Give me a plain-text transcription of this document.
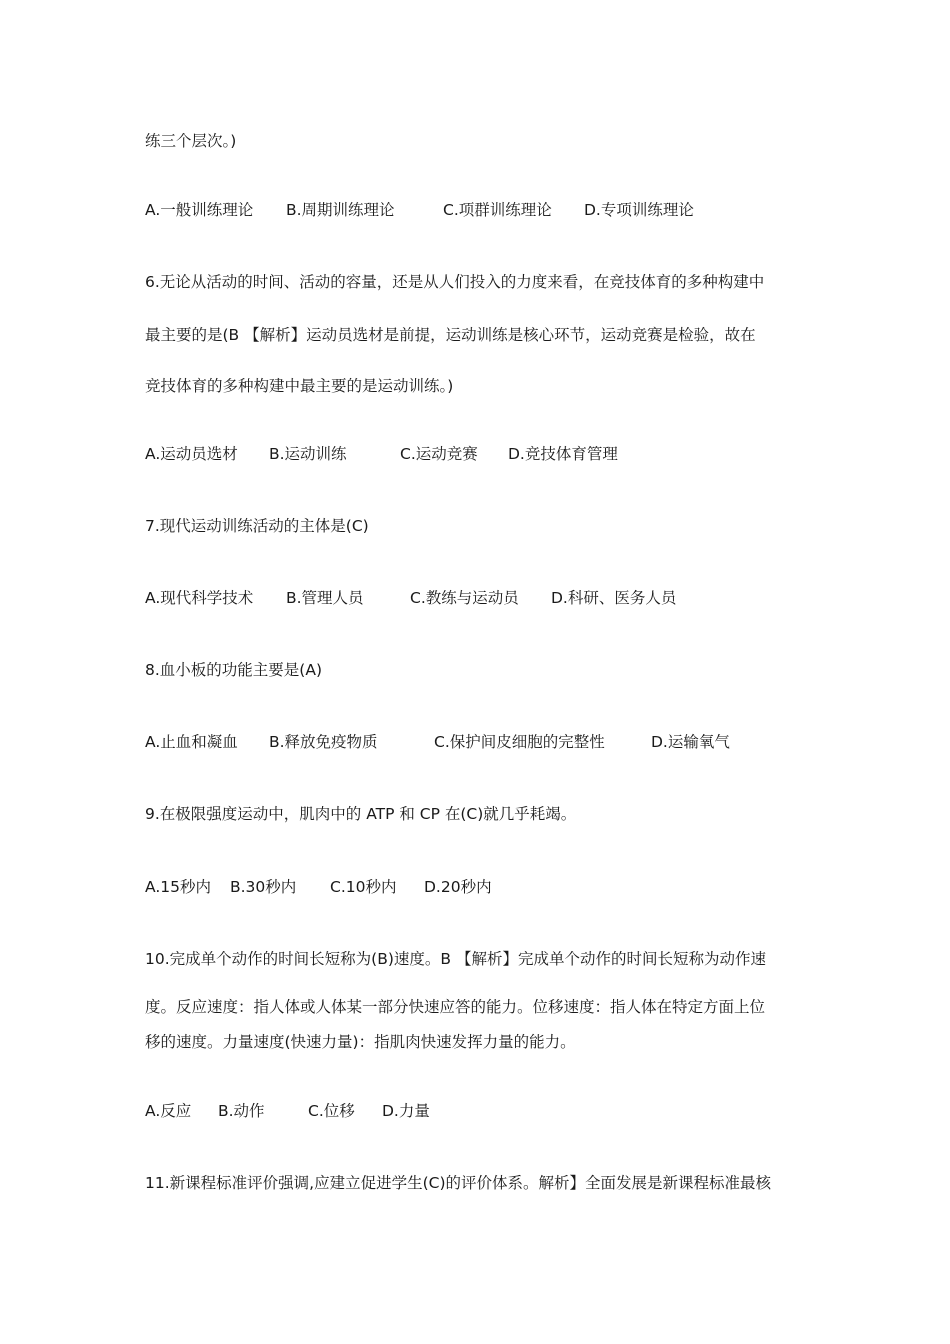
练三个层次。)
A.一般训练理论 B.周期训练理论	C.项群训练理论 D.专项训练理论
6.无论从活动的时间、活动的容量，还是从人们投入的力度来看，在竞技体育的多种构建中
最主要的是(B 【解析】运动员选材是前提，运动训练是核心环节，运动竞赛是检验，故在
竞技体育的多种构建中最主要的是运动训练。)
A.运动员选材 B.运动训练	C.运动竞赛 D.竞技体育管理
7.现代运动训练活动的主体是(C)
A.现代科学技术 B.管理人员	C.教练与运动员 D.科研、医务人员
8.血小板的功能主要是(A)
A.止血和凝血 B.释放免疫物质	C.保护间皮细胞的完整性	D.运输氧气
9.在极限强度运动中，肌肉中的 ATP 和 CP 在(C)就几乎耗竭。
A.15秒内 B.30秒内 C.10秒内 D.20秒内
10.完成单个动作的时间长短称为(B)速度。B 【解析】完成单个动作的时间长短称为动作速
度。反应速度：指人体或人体某一部分快速应答的能力。位移速度：指人体在特定方面上位
移的速度。力量速度(快速力量)：指肌肉快速发挥力量的能力。
A.反应 B.动作	C.位移 D.力量
11.新课程标准评价强调,应建立促进学生(C)的评价体系。解析】全面发展是新课程标准最核
